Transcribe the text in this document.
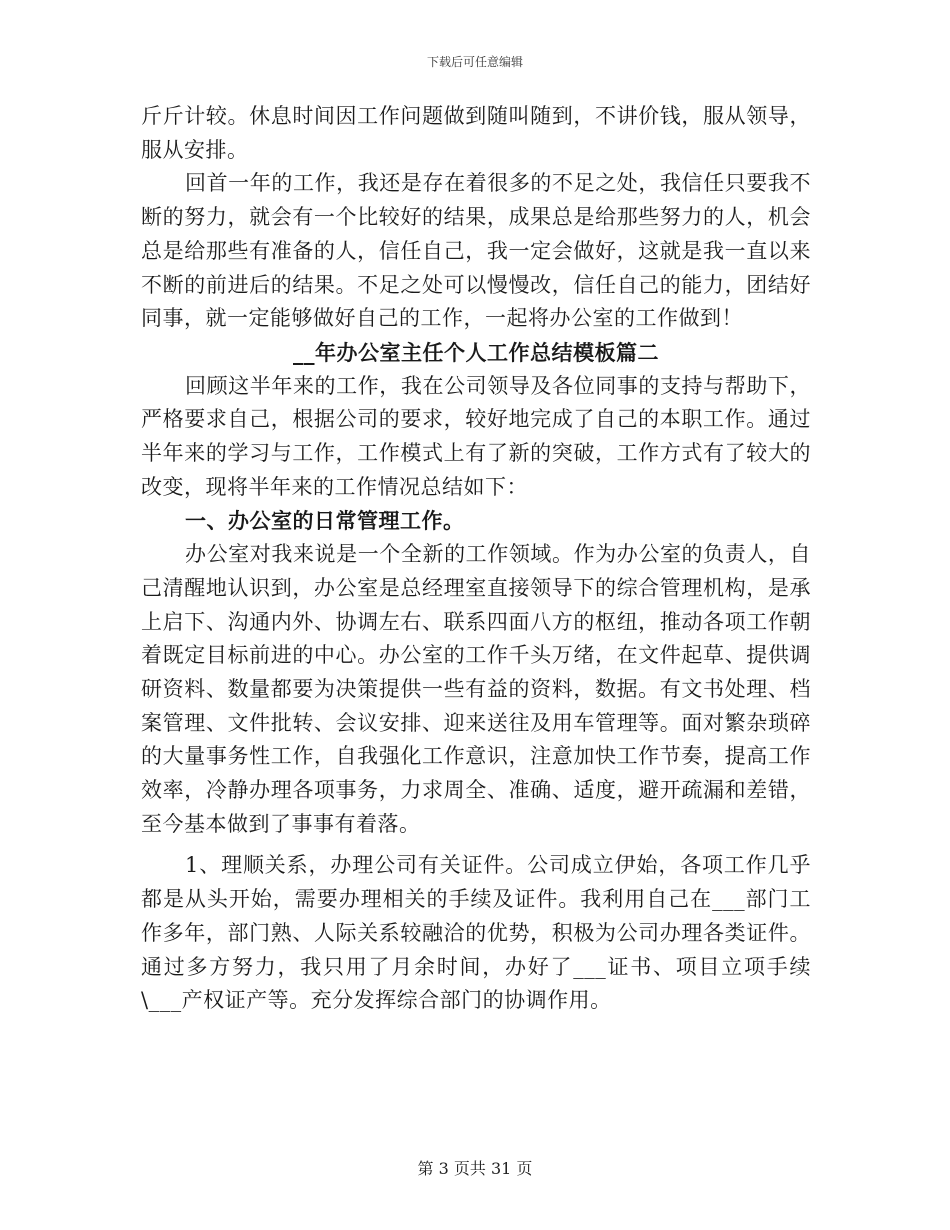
下载后可任意编辑

斤斤计较。休息时间因工作问题做到随叫随到，不讲价钱，服从领导，服从安排。

回首一年的工作，我还是存在着很多的不足之处，我信任只要我不断的努力，就会有一个比较好的结果，成果总是给那些努力的人，机会总是给那些有准备的人，信任自己，我一定会做好，这就是我一直以来不断的前进后的结果。不足之处可以慢慢改，信任自己的能力，团结好同事，就一定能够做好自己的工作，一起将办公室的工作做到！

__年办公室主任个人工作总结模板篇二

回顾这半年来的工作，我在公司领导及各位同事的支持与帮助下，严格要求自己，根据公司的要求，较好地完成了自己的本职工作。通过半年来的学习与工作，工作模式上有了新的突破，工作方式有了较大的改变，现将半年来的工作情况总结如下：

一、办公室的日常管理工作。

办公室对我来说是一个全新的工作领域。作为办公室的负责人，自己清醒地认识到，办公室是总经理室直接领导下的综合管理机构，是承上启下、沟通内外、协调左右、联系四面八方的枢纽，推动各项工作朝着既定目标前进的中心。办公室的工作千头万绪，在文件起草、提供调研资料、数量都要为决策提供一些有益的资料，数据。有文书处理、档案管理、文件批转、会议安排、迎来送往及用车管理等。面对繁杂琐碎的大量事务性工作，自我强化工作意识，注意加快工作节奏，提高工作效率，冷静办理各项事务，力求周全、准确、适度，避开疏漏和差错，至今基本做到了事事有着落。

1、理顺关系，办理公司有关证件。公司成立伊始，各项工作几乎都是从头开始，需要办理相关的手续及证件。我利用自己在___部门工作多年，部门熟、人际关系较融洽的优势，积极为公司办理各类证件。通过多方努力，我只用了月余时间，办好了___证书、项目立项手续\___产权证产等。充分发挥综合部门的协调作用。

第 3 页共 31 页
